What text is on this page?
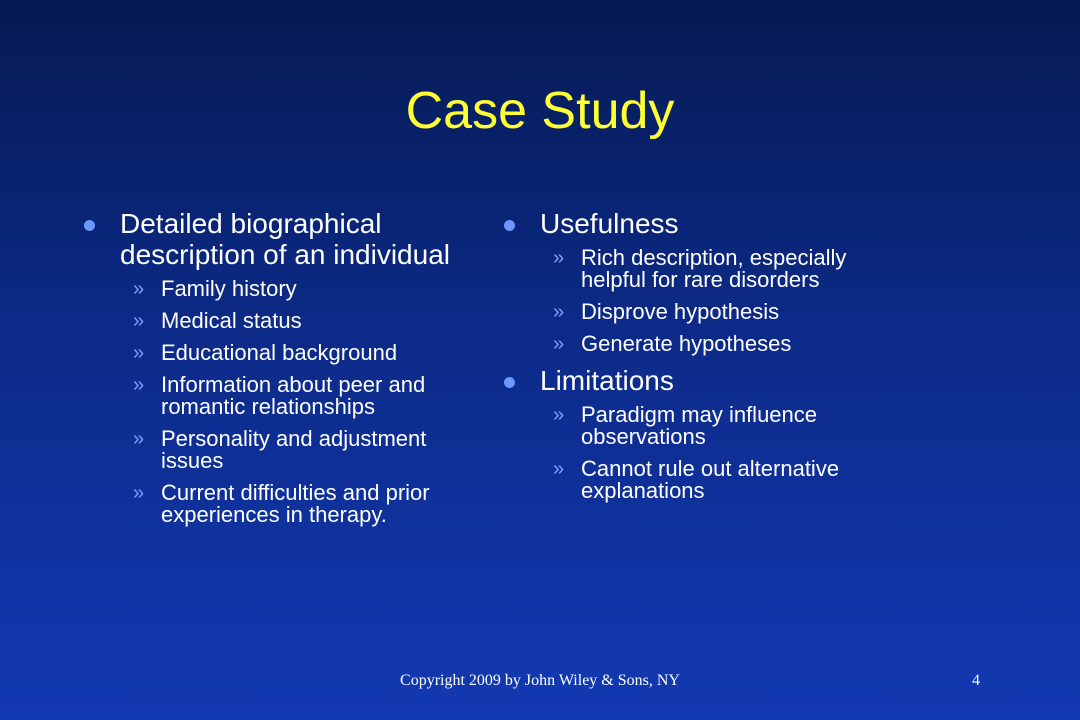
Case Study
Detailed biographical description of an individual
» Family history
» Medical status
» Educational background
» Information about peer and romantic relationships
» Personality and adjustment issues
» Current difficulties and prior experiences in therapy.
Usefulness
» Rich description, especially helpful for rare disorders
» Disprove hypothesis
» Generate hypotheses
Limitations
» Paradigm may influence observations
» Cannot rule out alternative explanations
Copyright 2009 by John Wiley & Sons, NY	4
